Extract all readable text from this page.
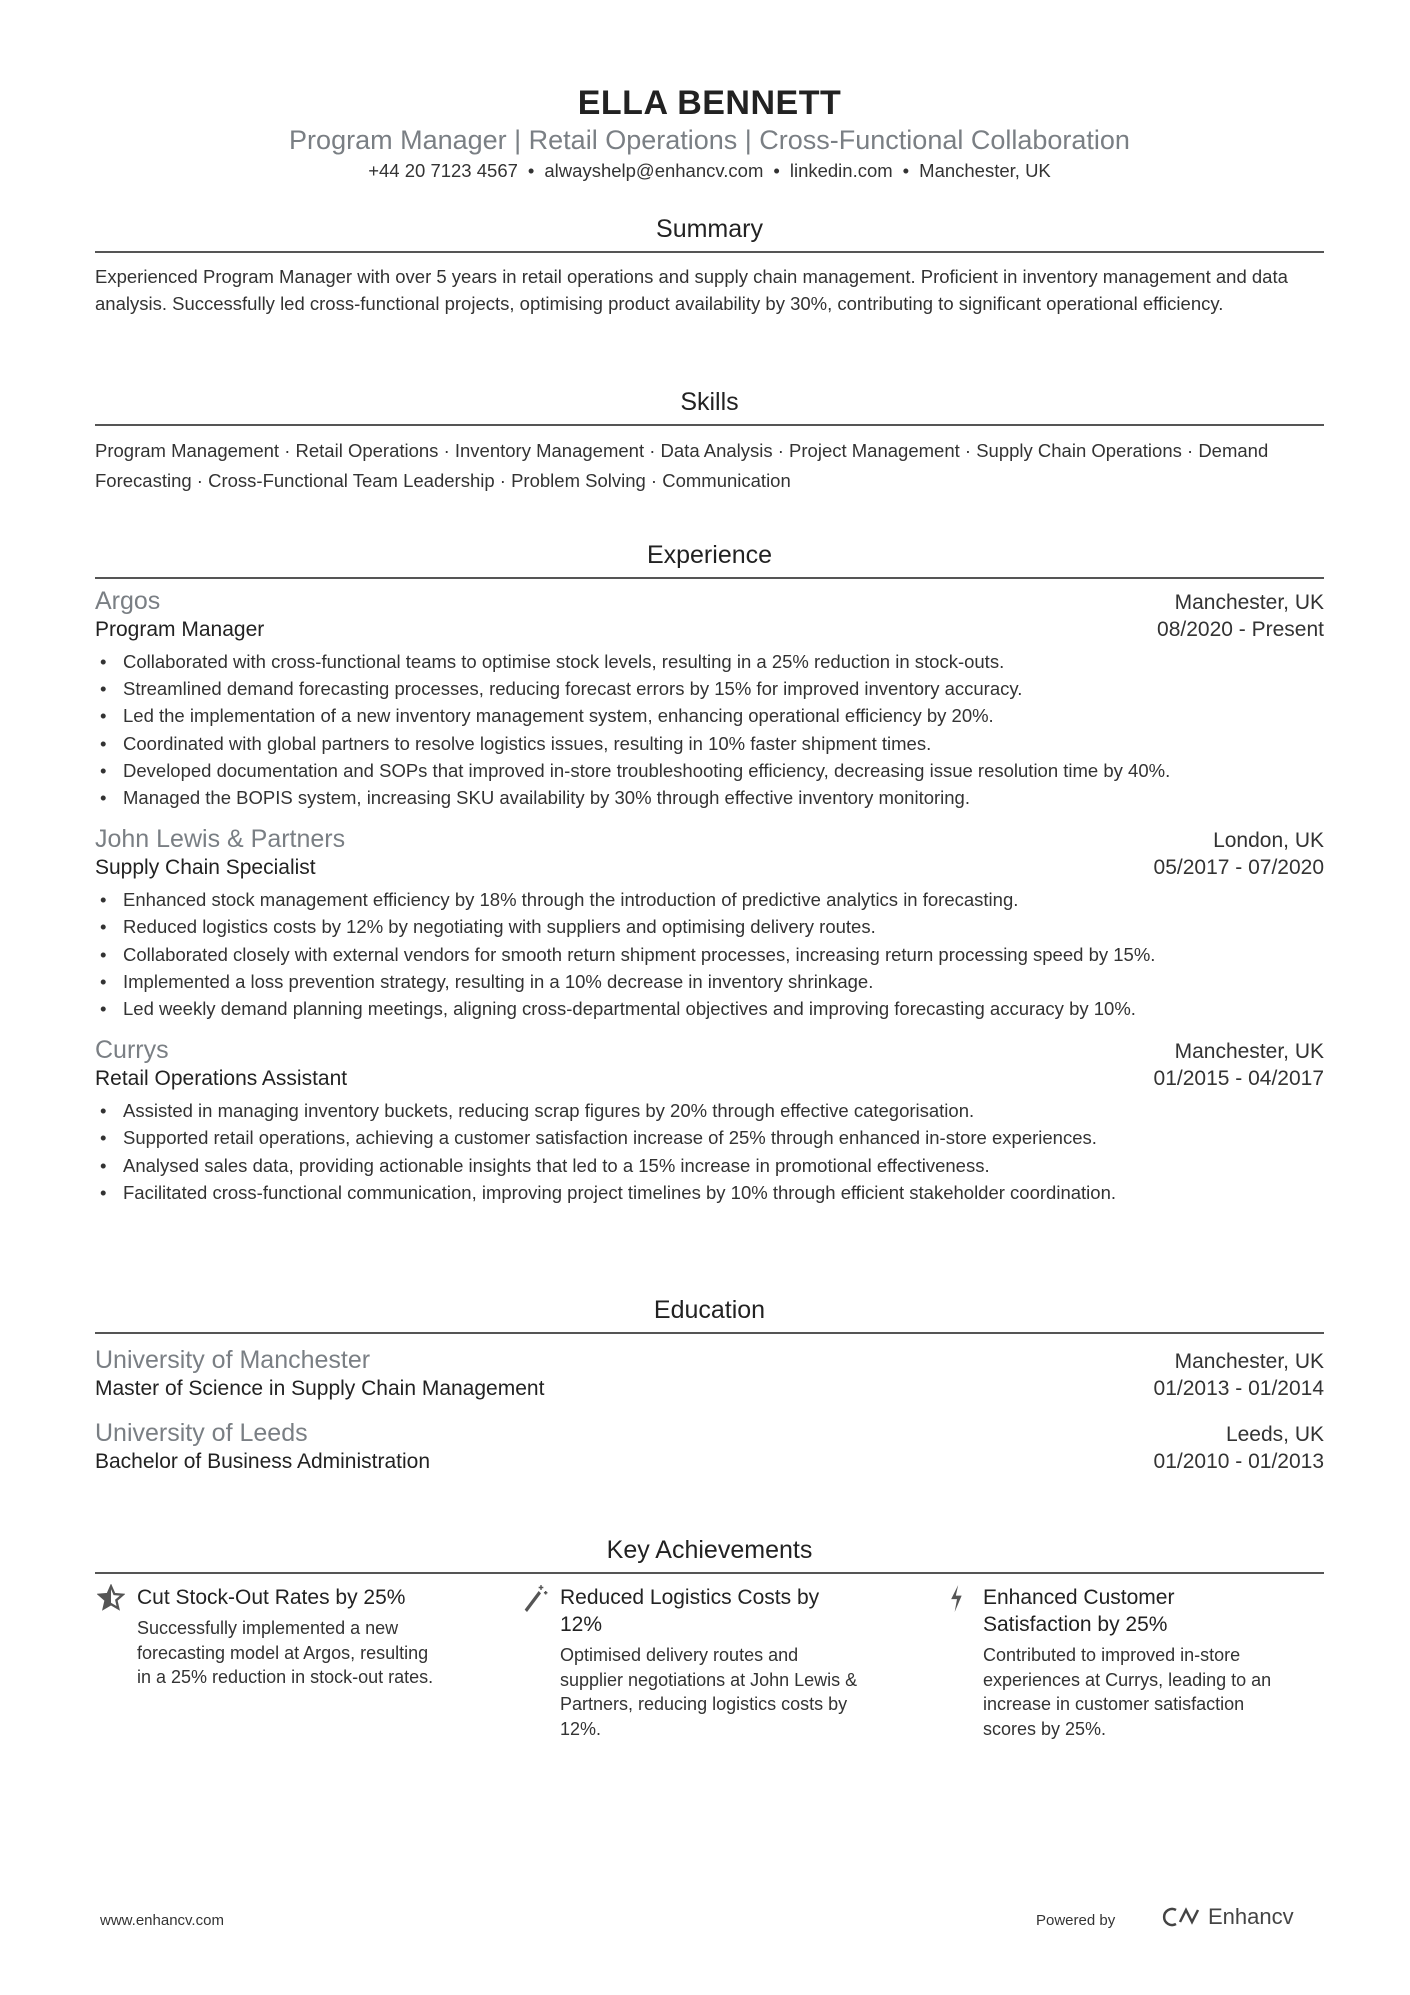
ELLA BENNETT
Program Manager | Retail Operations | Cross-Functional Collaboration
+44 20 7123 4567 • alwayshelp@enhancv.com • linkedin.com • Manchester, UK
Summary
Experienced Program Manager with over 5 years in retail operations and supply chain management. Proficient in inventory management and data analysis. Successfully led cross-functional projects, optimising product availability by 30%, contributing to significant operational efficiency.
Skills
Program Management · Retail Operations · Inventory Management · Data Analysis · Project Management · Supply Chain Operations · Demand Forecasting · Cross-Functional Team Leadership · Problem Solving · Communication
Experience
Argos	Manchester, UK
Program Manager	08/2020 - Present
• Collaborated with cross-functional teams to optimise stock levels, resulting in a 25% reduction in stock-outs.
• Streamlined demand forecasting processes, reducing forecast errors by 15% for improved inventory accuracy.
• Led the implementation of a new inventory management system, enhancing operational efficiency by 20%.
• Coordinated with global partners to resolve logistics issues, resulting in 10% faster shipment times.
• Developed documentation and SOPs that improved in-store troubleshooting efficiency, decreasing issue resolution time by 40%.
• Managed the BOPIS system, increasing SKU availability by 30% through effective inventory monitoring.
John Lewis & Partners	London, UK
Supply Chain Specialist	05/2017 - 07/2020
• Enhanced stock management efficiency by 18% through the introduction of predictive analytics in forecasting.
• Reduced logistics costs by 12% by negotiating with suppliers and optimising delivery routes.
• Collaborated closely with external vendors for smooth return shipment processes, increasing return processing speed by 15%.
• Implemented a loss prevention strategy, resulting in a 10% decrease in inventory shrinkage.
• Led weekly demand planning meetings, aligning cross-departmental objectives and improving forecasting accuracy by 10%.
Currys	Manchester, UK
Retail Operations Assistant	01/2015 - 04/2017
• Assisted in managing inventory buckets, reducing scrap figures by 20% through effective categorisation.
• Supported retail operations, achieving a customer satisfaction increase of 25% through enhanced in-store experiences.
• Analysed sales data, providing actionable insights that led to a 15% increase in promotional effectiveness.
• Facilitated cross-functional communication, improving project timelines by 10% through efficient stakeholder coordination.
Education
University of Manchester	Manchester, UK
Master of Science in Supply Chain Management	01/2013 - 01/2014
University of Leeds	Leeds, UK
Bachelor of Business Administration	01/2010 - 01/2013
Key Achievements
Cut Stock-Out Rates by 25%
Successfully implemented a new forecasting model at Argos, resulting in a 25% reduction in stock-out rates.
Reduced Logistics Costs by 12%
Optimised delivery routes and supplier negotiations at John Lewis & Partners, reducing logistics costs by 12%.
Enhanced Customer Satisfaction by 25%
Contributed to improved in-store experiences at Currys, leading to an increase in customer satisfaction scores by 25%.
www.enhancv.com	Powered by	Enhancv
